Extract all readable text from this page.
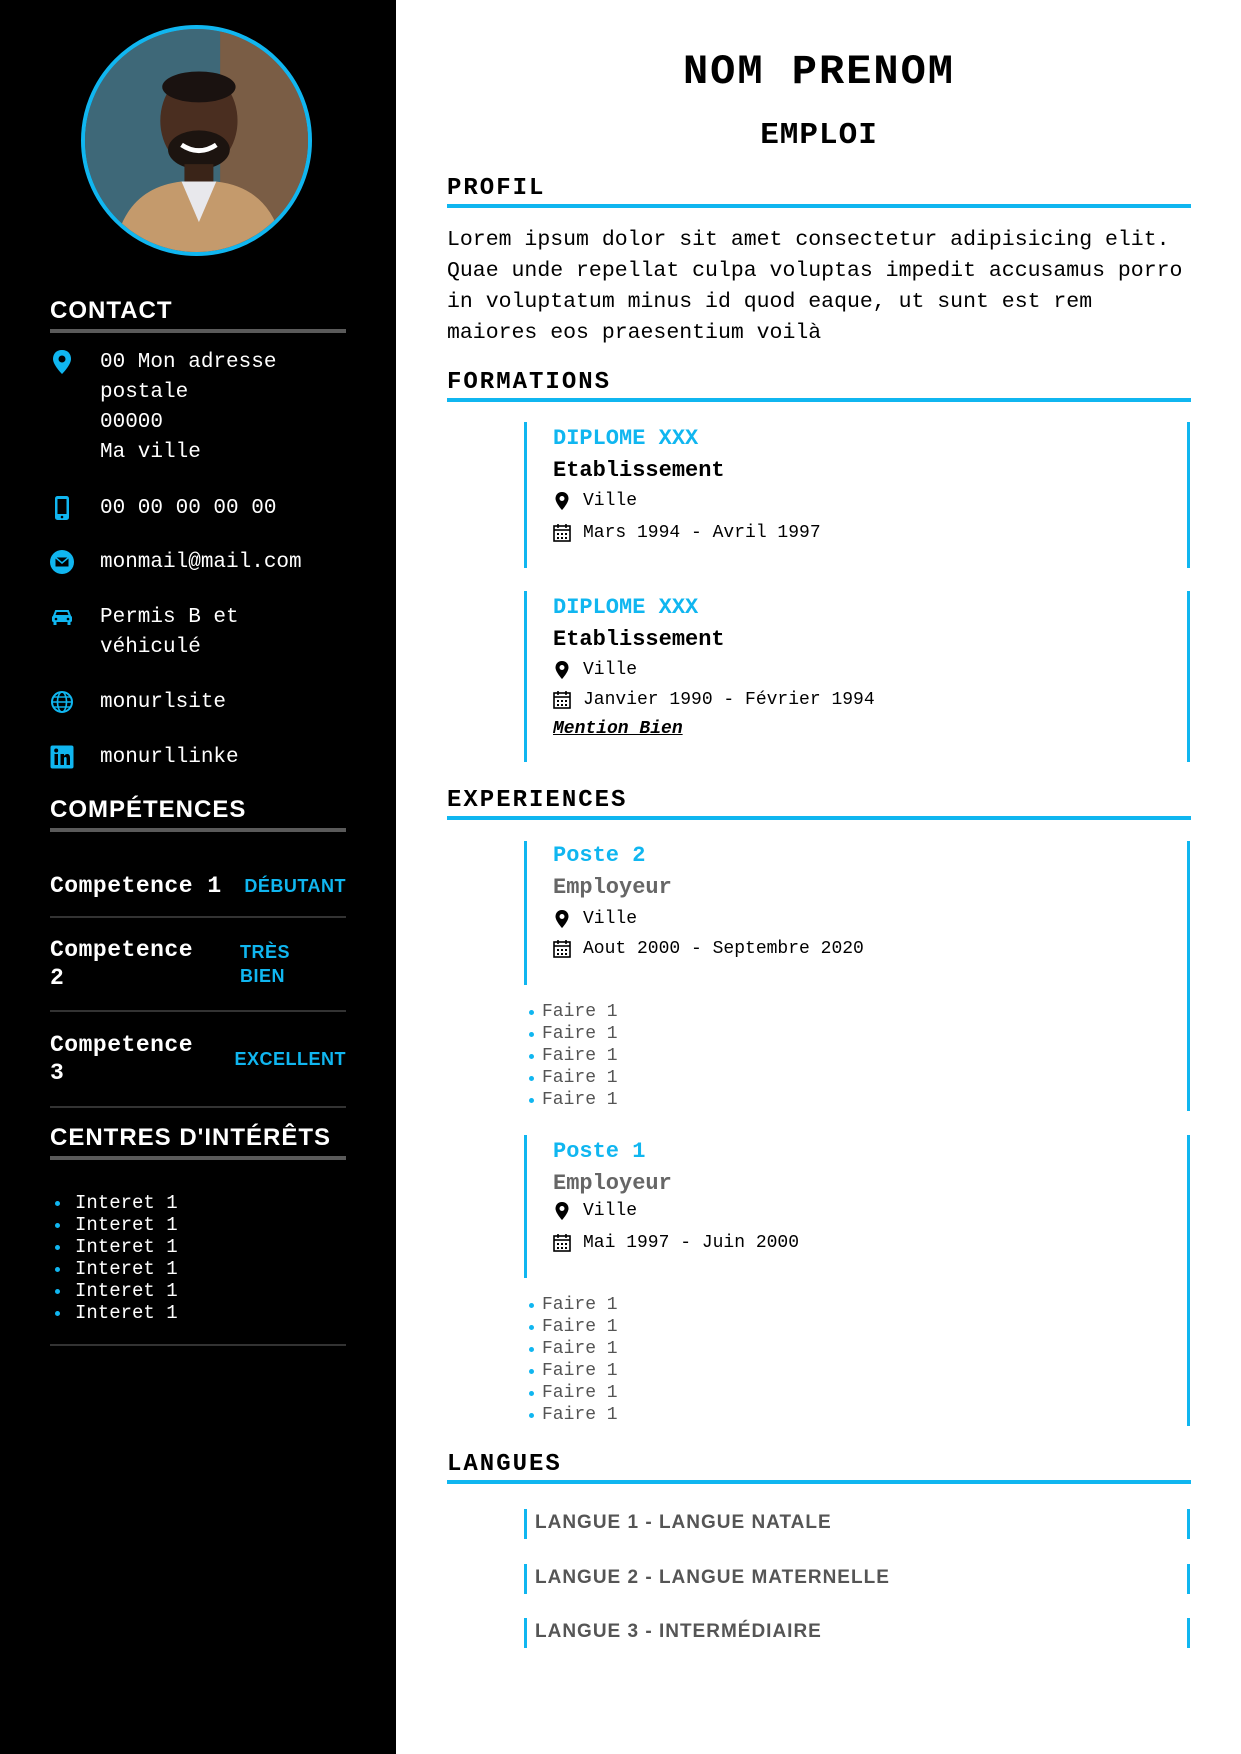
CONTACT
00 Mon adresse
postale
00000
Ma ville
00 00 00 00 00
monmail@mail.com
Permis B et
véhiculé
monurlsite
monurllinke
COMPÉTENCES
Competence 1 DÉBUTANT
Competence
2
TRÈS
BIEN
Competence
3
EXCELLENT
CENTRES D'INTÉRÊTS
Interet 1
Interet 1
Interet 1
Interet 1
Interet 1
Interet 1
NOM PRENOM
EMPLOI
PROFIL
Lorem ipsum dolor sit amet consectetur adipisicing elit. Quae unde repellat culpa voluptas impedit accusamus porro in voluptatum minus id quod eaque, ut sunt est rem maiores eos praesentium voilà
FORMATIONS
DIPLOME XXX
Etablissement
Ville
Mars 1994 - Avril 1997
DIPLOME XXX
Etablissement
Ville
Janvier 1990 - Février 1994
Mention Bien
EXPERIENCES
Poste 2
Employeur
Ville
Aout 2000 - Septembre 2020
Faire 1
Faire 1
Faire 1
Faire 1
Faire 1
Poste 1
Employeur
Ville
Mai 1997 - Juin 2000
Faire 1
Faire 1
Faire 1
Faire 1
Faire 1
Faire 1
LANGUES
LANGUE 1 - LANGUE NATALE
LANGUE 2 - LANGUE MATERNELLE
LANGUE 3 - INTERMÉDIAIRE
